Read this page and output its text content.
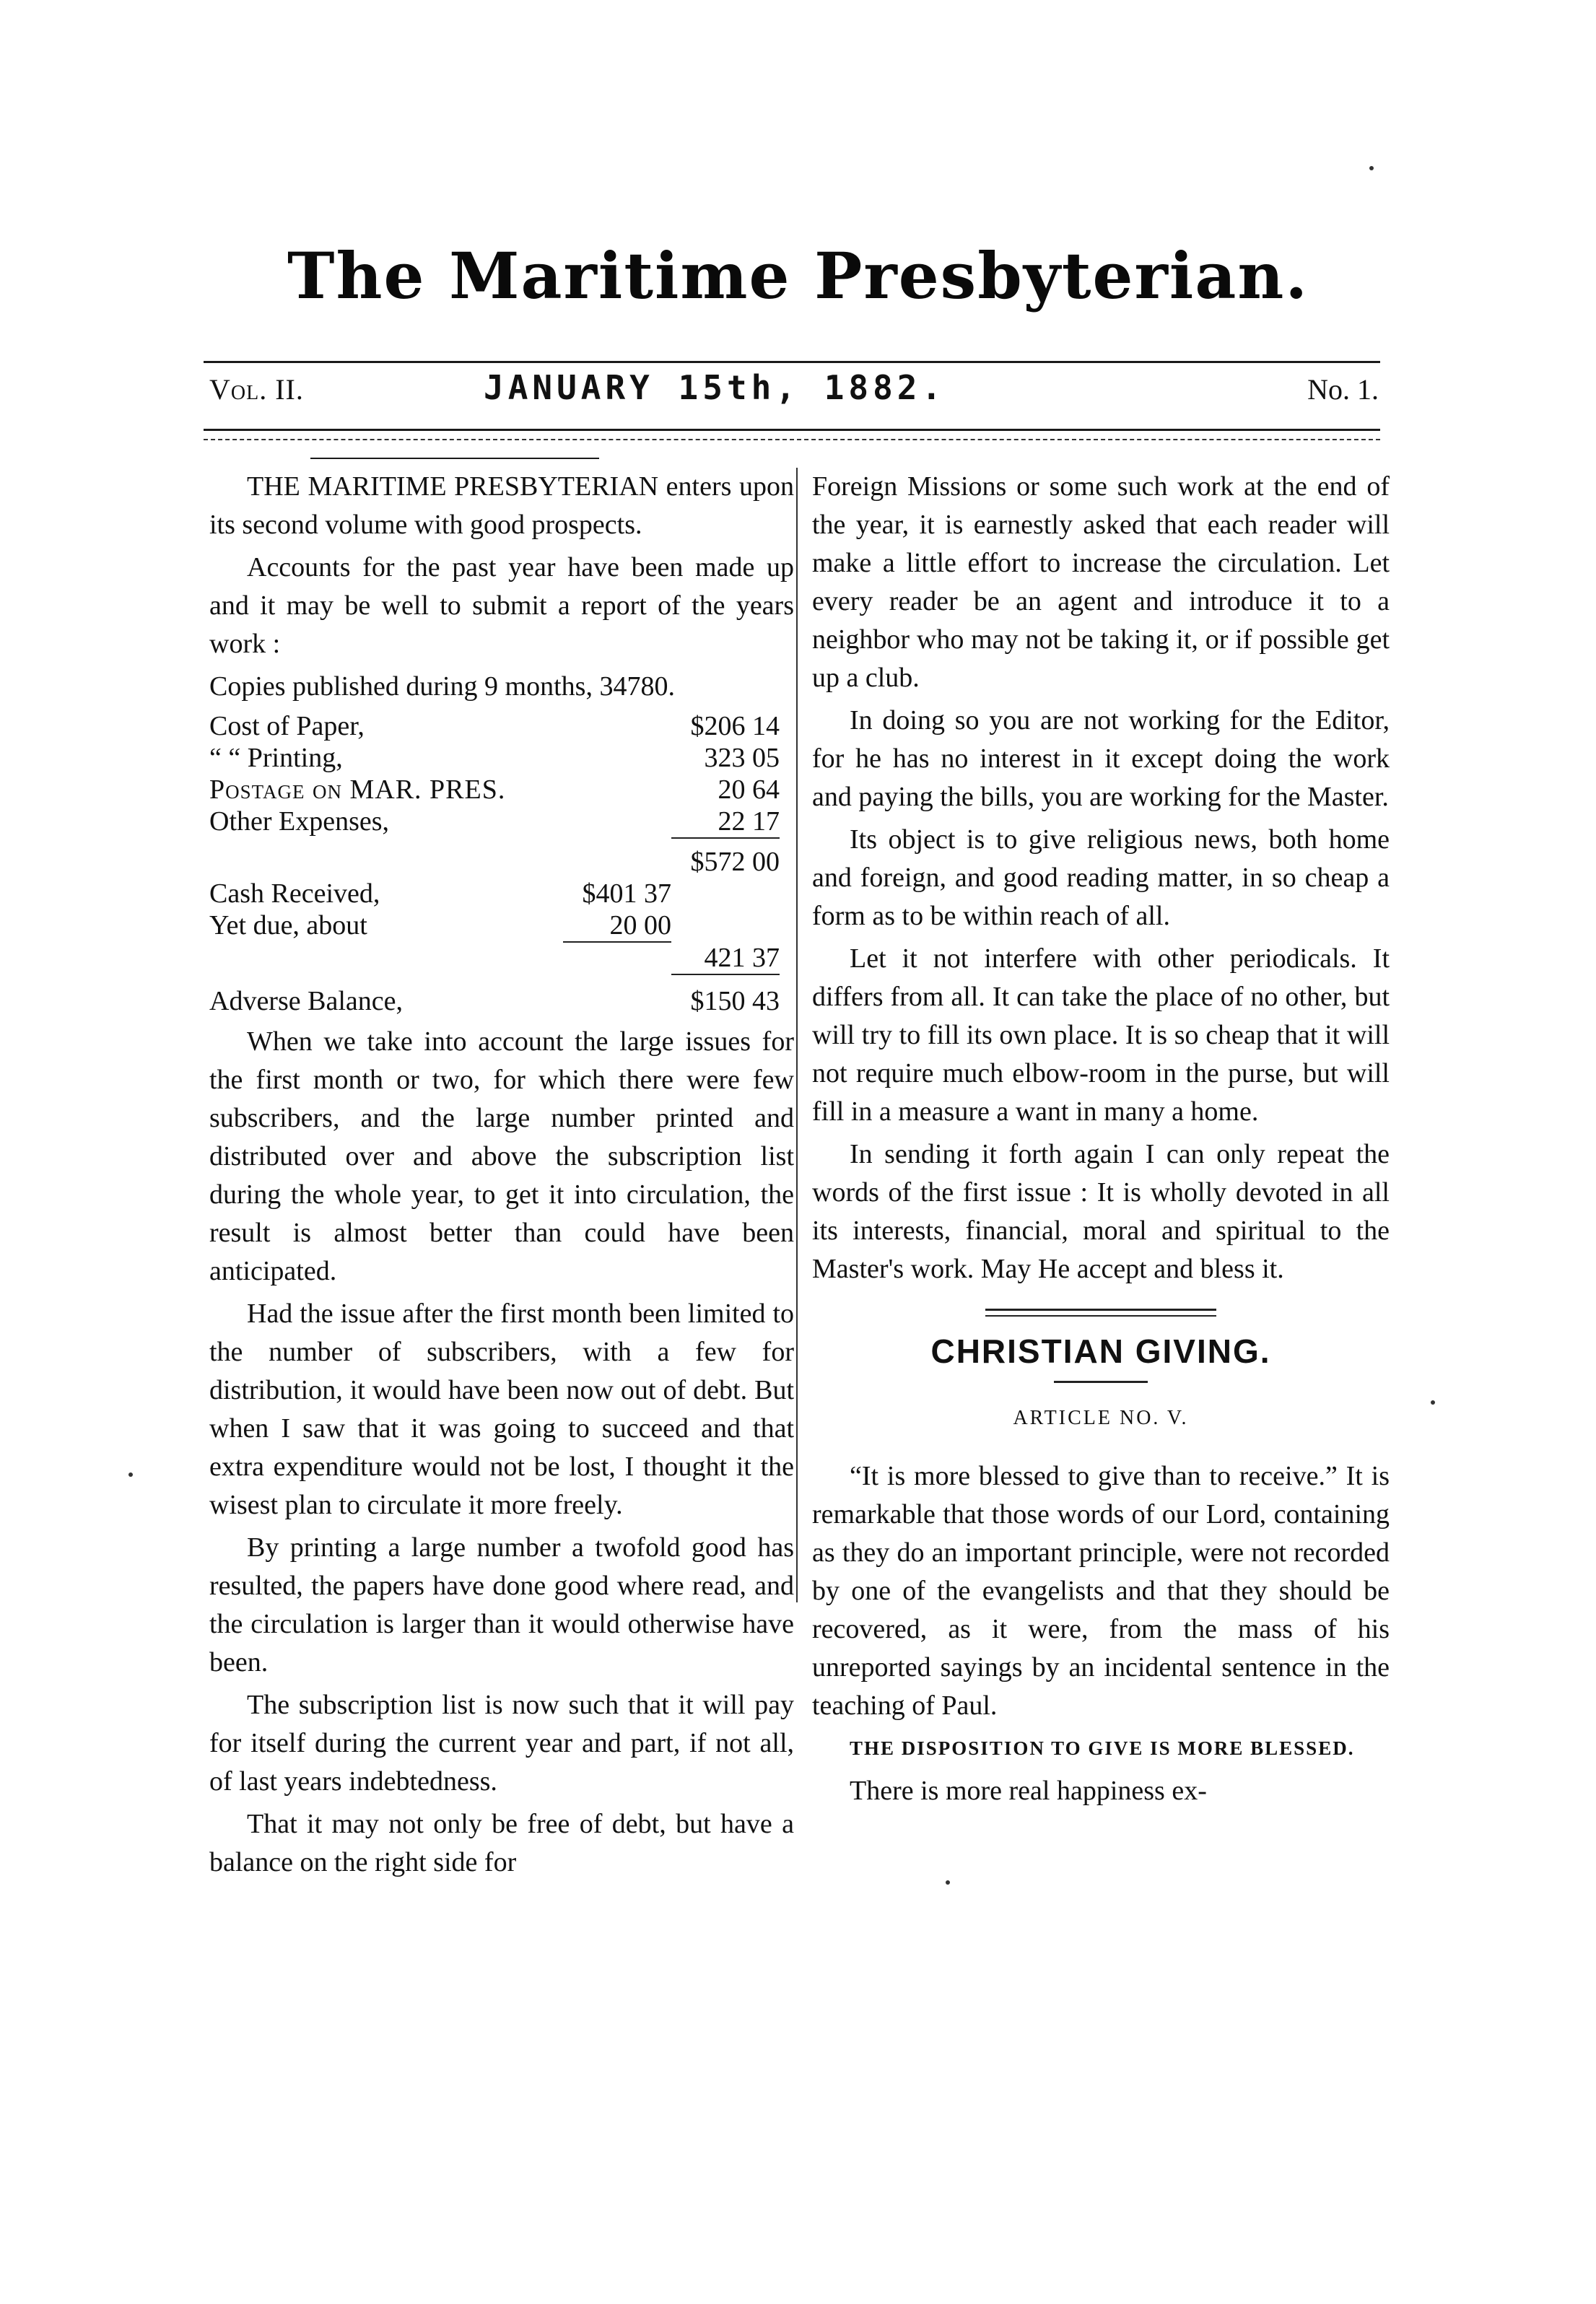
The Maritime Presbyterian.
Vol. II.	JANUARY 15th, 1882.	No. 1.

THE MARITIME PRESBYTERIAN enters upon its second volume with good prospects.

Accounts for the past year have been made up and it may be well to submit a report of the years work :

Copies published during 9 months, 34780.

Cost of Paper,		$206 14
“ “ Printing,		323 05
Postage on MAR. PRES.		20 64
Other Expenses,		22 17
		$572 00
Cash Received,	$401 37	
Yet due, about	20 00	
		421 37

Adverse Balance,		$150 43

When we take into account the large issues for the first month or two, for which there were few subscribers, and the large number printed and distributed over and above the subscription list during the whole year, to get it into circulation, the result is almost better than could have been anticipated.

Had the issue after the first month been limited to the number of subscribers, with a few for distribution, it would have been now out of debt. But when I saw that it was going to succeed and that extra expenditure would not be lost, I thought it the wisest plan to circulate it more freely.

By printing a large number a twofold good has resulted, the papers have done good where read, and the circulation is larger than it would otherwise have been.

The subscription list is now such that it will pay for itself during the current year and part, if not all, of last years indebtedness.

That it may not only be free of debt, but have a balance on the right side for

Foreign Missions or some such work at the end of the year, it is earnestly asked that each reader will make a little effort to increase the circulation. Let every reader be an agent and introduce it to a neighbor who may not be taking it, or if possible get up a club.

In doing so you are not working for the Editor, for he has no interest in it except doing the work and paying the bills, you are working for the Master.

Its object is to give religious news, both home and foreign, and good reading matter, in so cheap a form as to be within reach of all.

Let it not interfere with other periodicals. It differs from all. It can take the place of no other, but will try to fill its own place. It is so cheap that it will not require much elbow-room in the purse, but will fill in a measure a want in many a home.

In sending it forth again I can only repeat the words of the first issue : It is wholly devoted in all its interests, financial, moral and spiritual to the Master's work. May He accept and bless it.

CHRISTIAN GIVING.
ARTICLE NO. V.

“It is more blessed to give than to receive.” It is remarkable that those words of our Lord, containing as they do an important principle, were not recorded by one of the evangelists and that they should be recovered, as it were, from the mass of his unreported sayings by an incidental sentence in the teaching of Paul.

THE DISPOSITION TO GIVE IS MORE BLESSED.

There is more real happiness ex-
